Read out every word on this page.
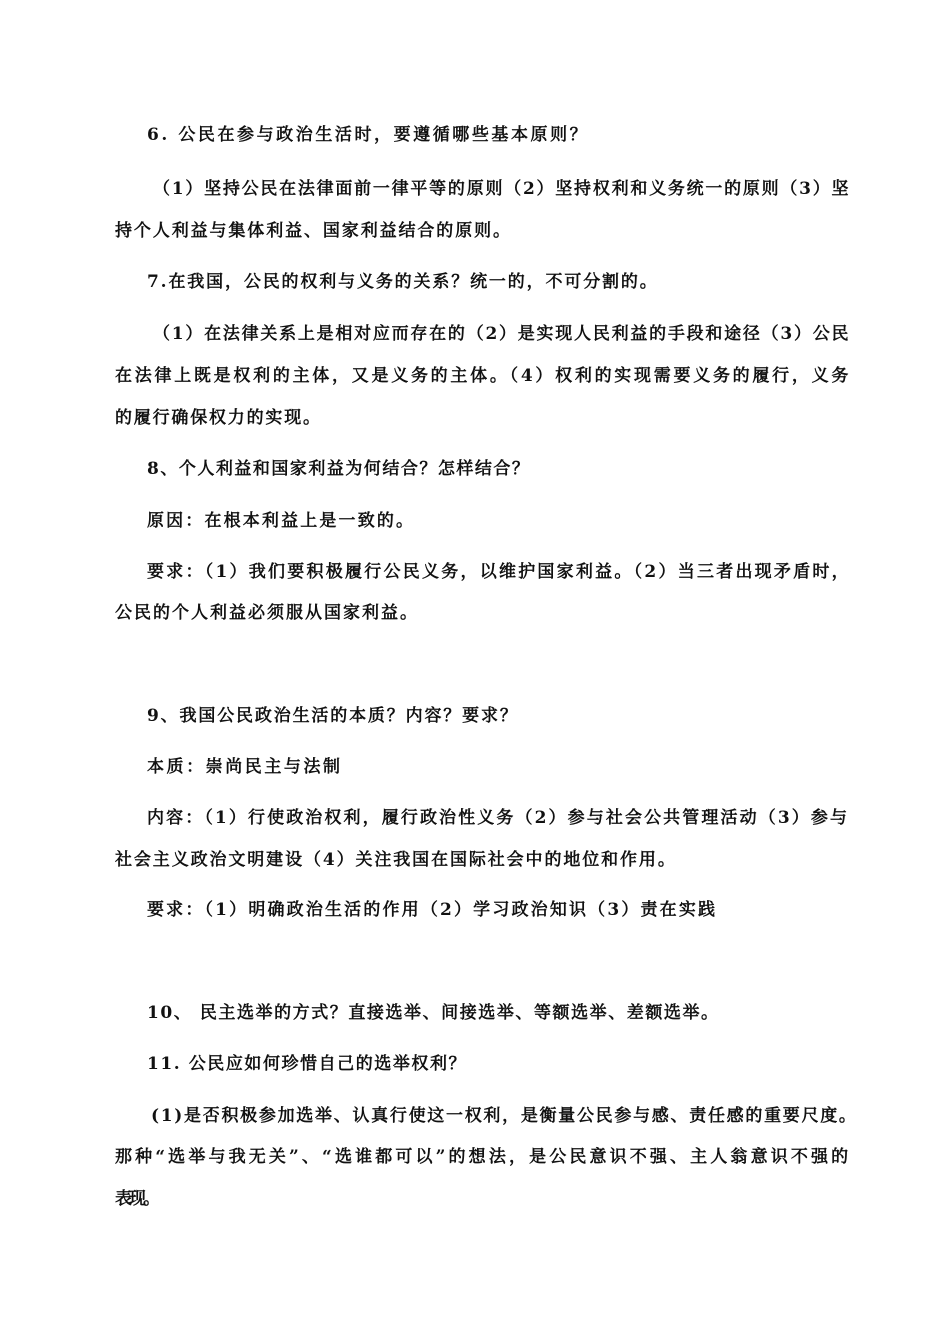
6. 公民在参与政治生活时，要遵循哪些基本原则？
（1）坚持公民在法律面前一律平等的原则（2）坚持权利和义务统一的原则（3）坚
持个人利益与集体利益、国家利益结合的原则。
7.在我国，公民的权利与义务的关系？统一的，不可分割的。
（1）在法律关系上是相对应而存在的（2）是实现人民利益的手段和途径（3）公民
在法律上既是权利的主体，又是义务的主体。（4）权利的实现需要义务的履行，义务
的履行确保权力的实现。
8、个人利益和国家利益为何结合？怎样结合？
原因：在根本利益上是一致的。
要求：（1）我们要积极履行公民义务，以维护国家利益。（2）当三者出现矛盾时，
公民的个人利益必须服从国家利益。
9、我国公民政治生活的本质？内容？要求？
本质：崇尚民主与法制
内容：（1）行使政治权利，履行政治性义务（2）参与社会公共管理活动（3）参与
社会主义政治文明建设（4）关注我国在国际社会中的地位和作用。
要求：（1）明确政治生活的作用（2）学习政治知识（3）责在实践
10、 民主选举的方式？直接选举、间接选举、等额选举、差额选举。
11. 公民应如何珍惜自己的选举权利？
(1)是否积极参加选举、认真行使这一权利，是衡量公民参与感、责任感的重要尺度。
那种“选举与我无关”、“选谁都可以”的想法，是公民意识不强、主人翁意识不强的
表现。
